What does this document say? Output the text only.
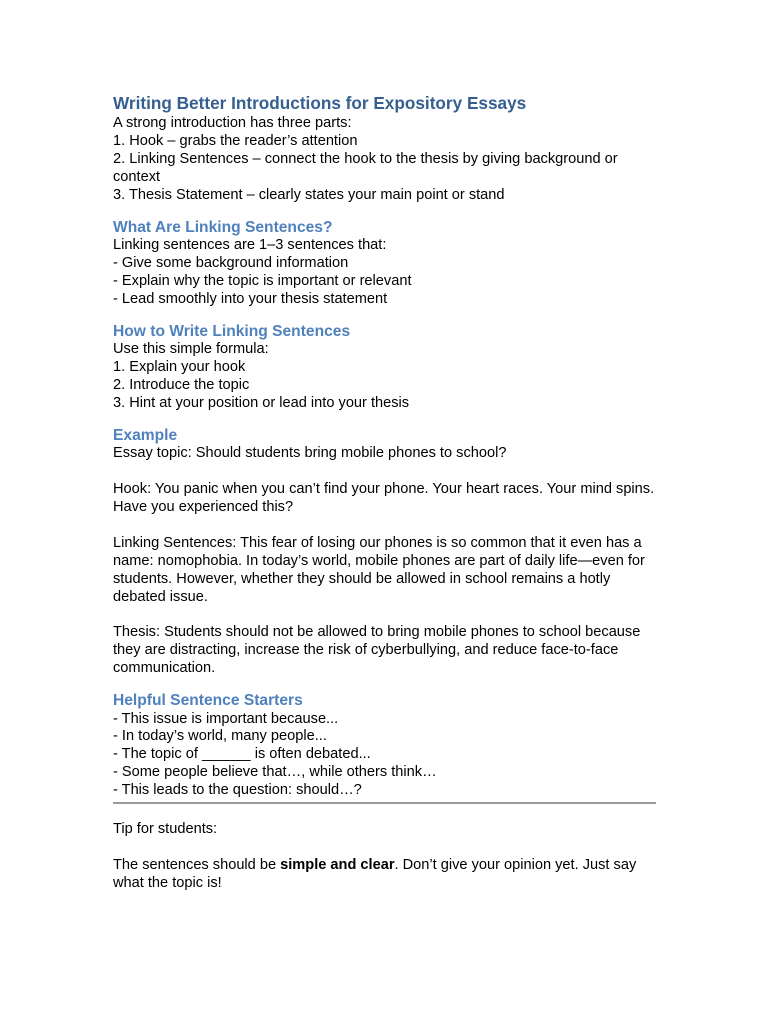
Writing Better Introductions for Expository Essays

A strong introduction has three parts:

1. Hook – grabs the reader’s attention

2. Linking Sentences – connect the hook to the thesis by giving background or context

3. Thesis Statement – clearly states your main point or stand

What Are Linking Sentences?

Linking sentences are 1–3 sentences that:

- Give some background information

- Explain why the topic is important or relevant

- Lead smoothly into your thesis statement

How to Write Linking Sentences

Use this simple formula:

1. Explain your hook

2. Introduce the topic

3. Hint at your position or lead into your thesis

Example

Essay topic: Should students bring mobile phones to school?

Hook: You panic when you can’t find your phone. Your heart races. Your mind spins. Have you experienced this?

Linking Sentences: This fear of losing our phones is so common that it even has a name: nomophobia. In today’s world, mobile phones are part of daily life—even for students. However, whether they should be allowed in school remains a hotly debated issue.

Thesis: Students should not be allowed to bring mobile phones to school because they are distracting, increase the risk of cyberbullying, and reduce face-to-face communication.

Helpful Sentence Starters

- This issue is important because...

- In today’s world, many people...

- The topic of ______ is often debated...

- Some people believe that…, while others think…

- This leads to the question: should…?

Tip for students:

The sentences should be simple and clear. Don’t give your opinion yet. Just say what the topic is!
